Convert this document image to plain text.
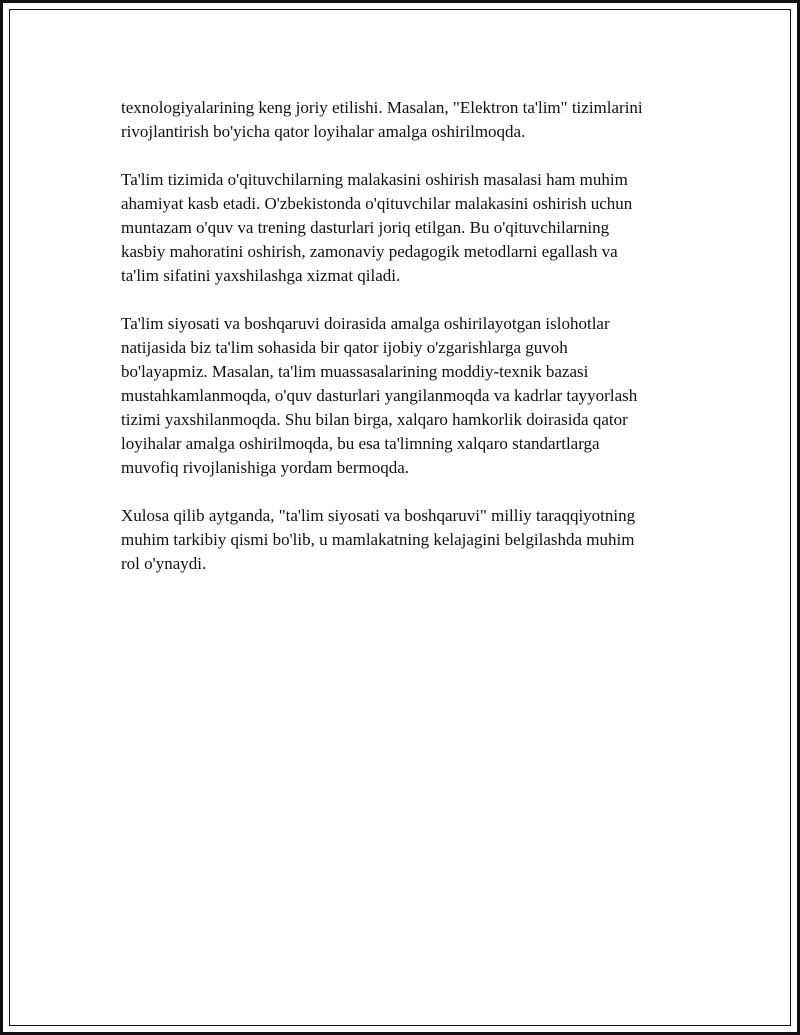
texnologiyalarining keng joriy etilishi. Masalan, "Elektron ta'lim" tizimlarini
rivojlantirish bo'yicha qator loyihalar amalga oshirilmoqda.

Ta'lim tizimida o'qituvchilarning malakasini oshirish masalasi ham muhim
ahamiyat kasb etadi. O'zbekistonda o'qituvchilar malakasini oshirish uchun
muntazam o'quv va trening dasturlari joriq etilgan. Bu o'qituvchilarning
kasbiy mahoratini oshirish, zamonaviy pedagogik metodlarni egallash va
ta'lim sifatini yaxshilashga xizmat qiladi.

Ta'lim siyosati va boshqaruvi doirasida amalga oshirilayotgan islohotlar
natijasida biz ta'lim sohasida bir qator ijobiy o'zgarishlarga guvoh
bo'layapmiz. Masalan, ta'lim muassasalarining moddiy-texnik bazasi
mustahkamlanmoqda, o'quv dasturlari yangilanmoqda va kadrlar tayyorlash
tizimi yaxshilanmoqda. Shu bilan birga, xalqaro hamkorlik doirasida qator
loyihalar amalga oshirilmoqda, bu esa ta'limning xalqaro standartlarga
muvofiq rivojlanishiga yordam bermoqda.

Xulosa qilib aytganda, "ta'lim siyosati va boshqaruvi" milliy taraqqiyotning
muhim tarkibiy qismi bo'lib, u mamlakatning kelajagini belgilashda muhim
rol o'ynaydi.
